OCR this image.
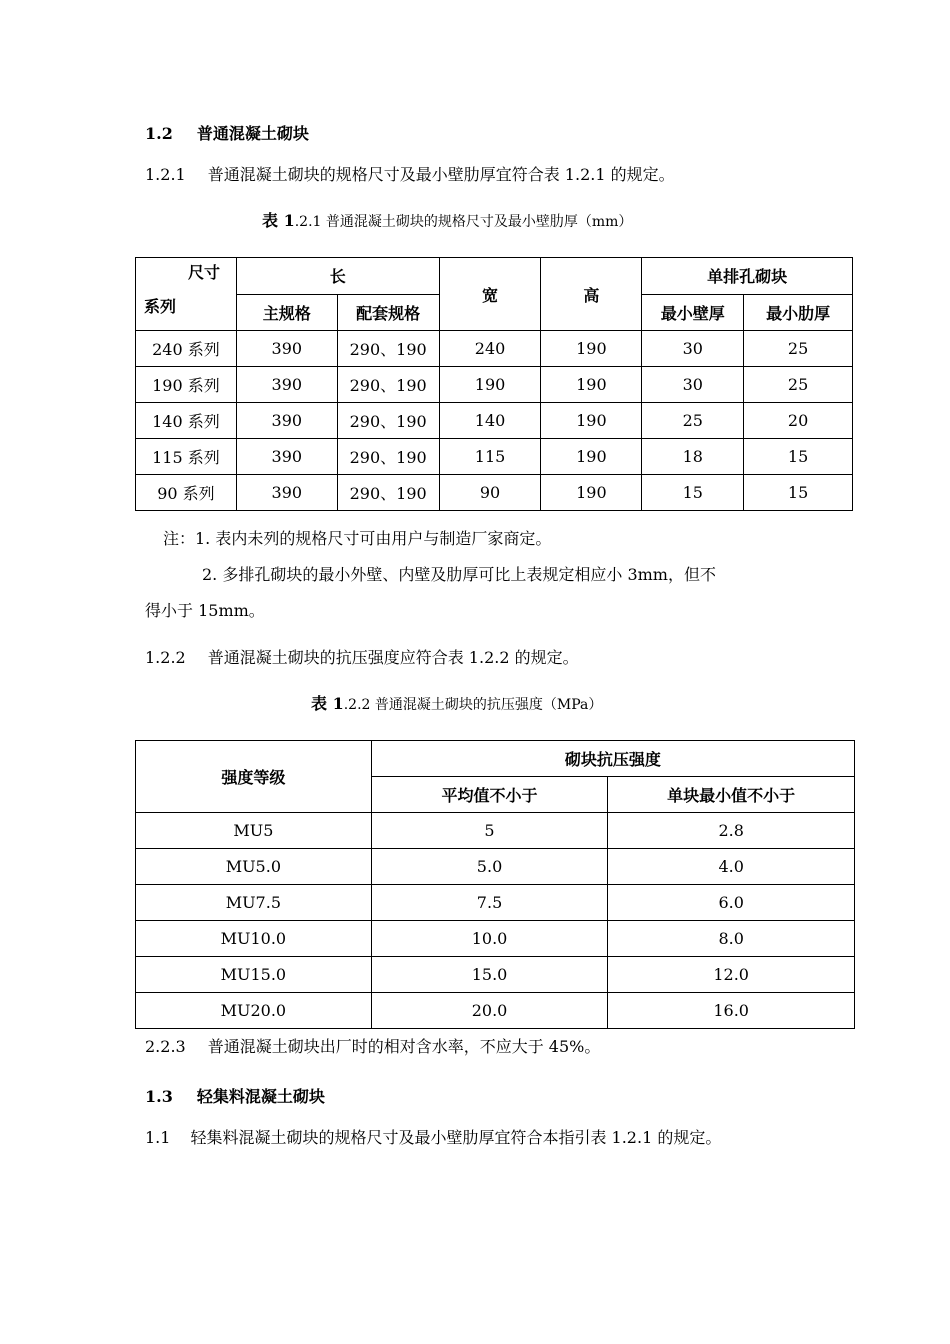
1.2 普通混凝土砌块
1.2.1 普通混凝土砌块的规格尺寸及最小壁肋厚宜符合表 1.2.1 的规定。
表 1.2.1 普通混凝土砌块的规格尺寸及最小壁肋厚（mm）
尺寸
系列	长		宽	高	单排孔砌块	
	主规格	配套规格			最小壁厚	最小肋厚
240 系列	390	290、190	240	190	30	25
190 系列	390	290、190	190	190	30	25
140 系列	390	290、190	140	190	25	20
115 系列	390	290、190	115	190	18	15
90 系列	390	290、190	90	190	15	15
注：1. 表内未列的规格尺寸可由用户与制造厂家商定。
2. 多排孔砌块的最小外壁、内壁及肋厚可比上表规定相应小 3mm，但不
得小于 15mm。
1.2.2 普通混凝土砌块的抗压强度应符合表 1.2.2 的规定。
表 1.2.2 普通混凝土砌块的抗压强度（MPa）
强度等级	砌块抗压强度	
	平均值不小于	单块最小值不小于
MU5	5	2.8
MU5.0	5.0	4.0
MU7.5	7.5	6.0
MU10.0	10.0	8.0
MU15.0	15.0	12.0
MU20.0	20.0	16.0
2.2.3 普通混凝土砌块出厂时的相对含水率，不应大于 45%。
1.3 轻集料混凝土砌块
1.1 轻集料混凝土砌块的规格尺寸及最小壁肋厚宜符合本指引表 1.2.1 的规定。
